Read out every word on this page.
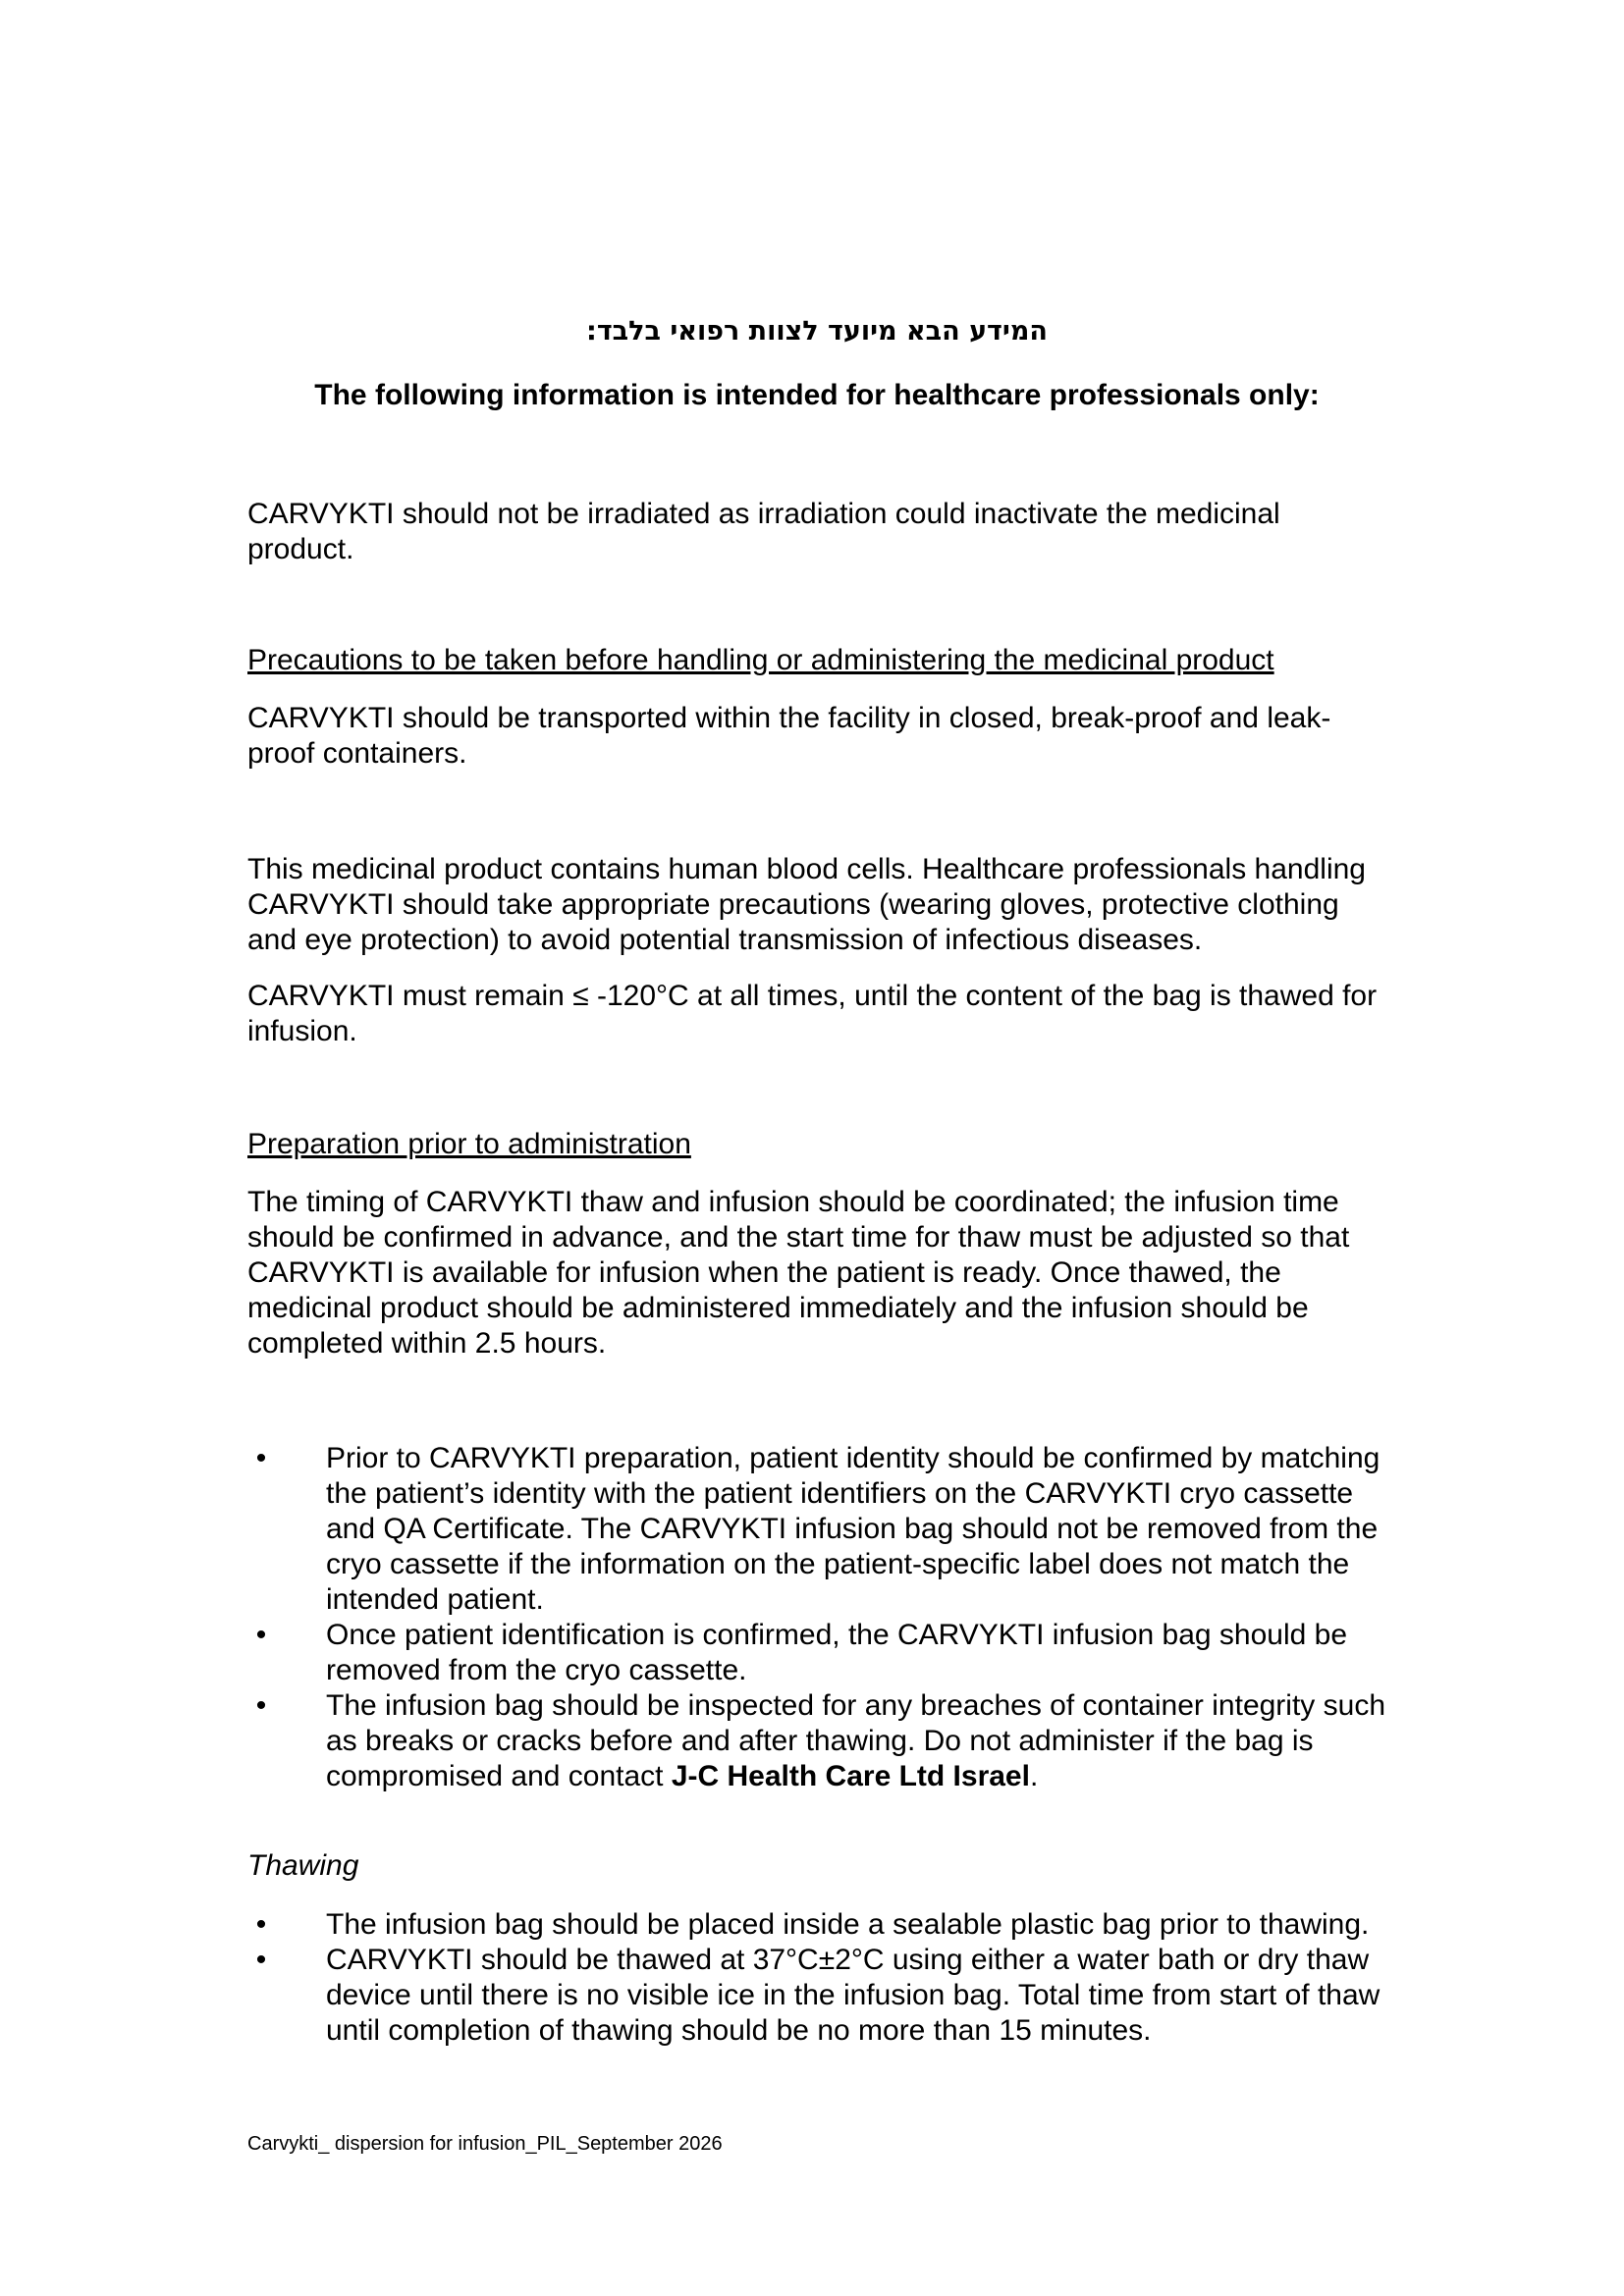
המידע הבא מיועד לצוות רפואי בלבד:
The following information is intended for healthcare professionals only:
CARVYKTI should not be irradiated as irradiation could inactivate the medicinal product.
Precautions to be taken before handling or administering the medicinal product
CARVYKTI should be transported within the facility in closed, break-proof and leak-proof containers.
This medicinal product contains human blood cells. Healthcare professionals handling CARVYKTI should take appropriate precautions (wearing gloves, protective clothing and eye protection) to avoid potential transmission of infectious diseases.
CARVYKTI must remain ≤ -120°C at all times, until the content of the bag is thawed for infusion.
Preparation prior to administration
The timing of CARVYKTI thaw and infusion should be coordinated; the infusion time should be confirmed in advance, and the start time for thaw must be adjusted so that CARVYKTI is available for infusion when the patient is ready. Once thawed, the medicinal product should be administered immediately and the infusion should be completed within 2.5 hours.
• Prior to CARVYKTI preparation, patient identity should be confirmed by matching the patient’s identity with the patient identifiers on the CARVYKTI cryo cassette and QA Certificate. The CARVYKTI infusion bag should not be removed from the cryo cassette if the information on the patient-specific label does not match the intended patient.
• Once patient identification is confirmed, the CARVYKTI infusion bag should be removed from the cryo cassette.
• The infusion bag should be inspected for any breaches of container integrity such as breaks or cracks before and after thawing. Do not administer if the bag is compromised and contact J-C Health Care Ltd Israel.
Thawing
• The infusion bag should be placed inside a sealable plastic bag prior to thawing.
• CARVYKTI should be thawed at 37°C±2°C using either a water bath or dry thaw device until there is no visible ice in the infusion bag. Total time from start of thaw until completion of thawing should be no more than 15 minutes.
Carvykti_ dispersion for infusion_PIL_September 2026
